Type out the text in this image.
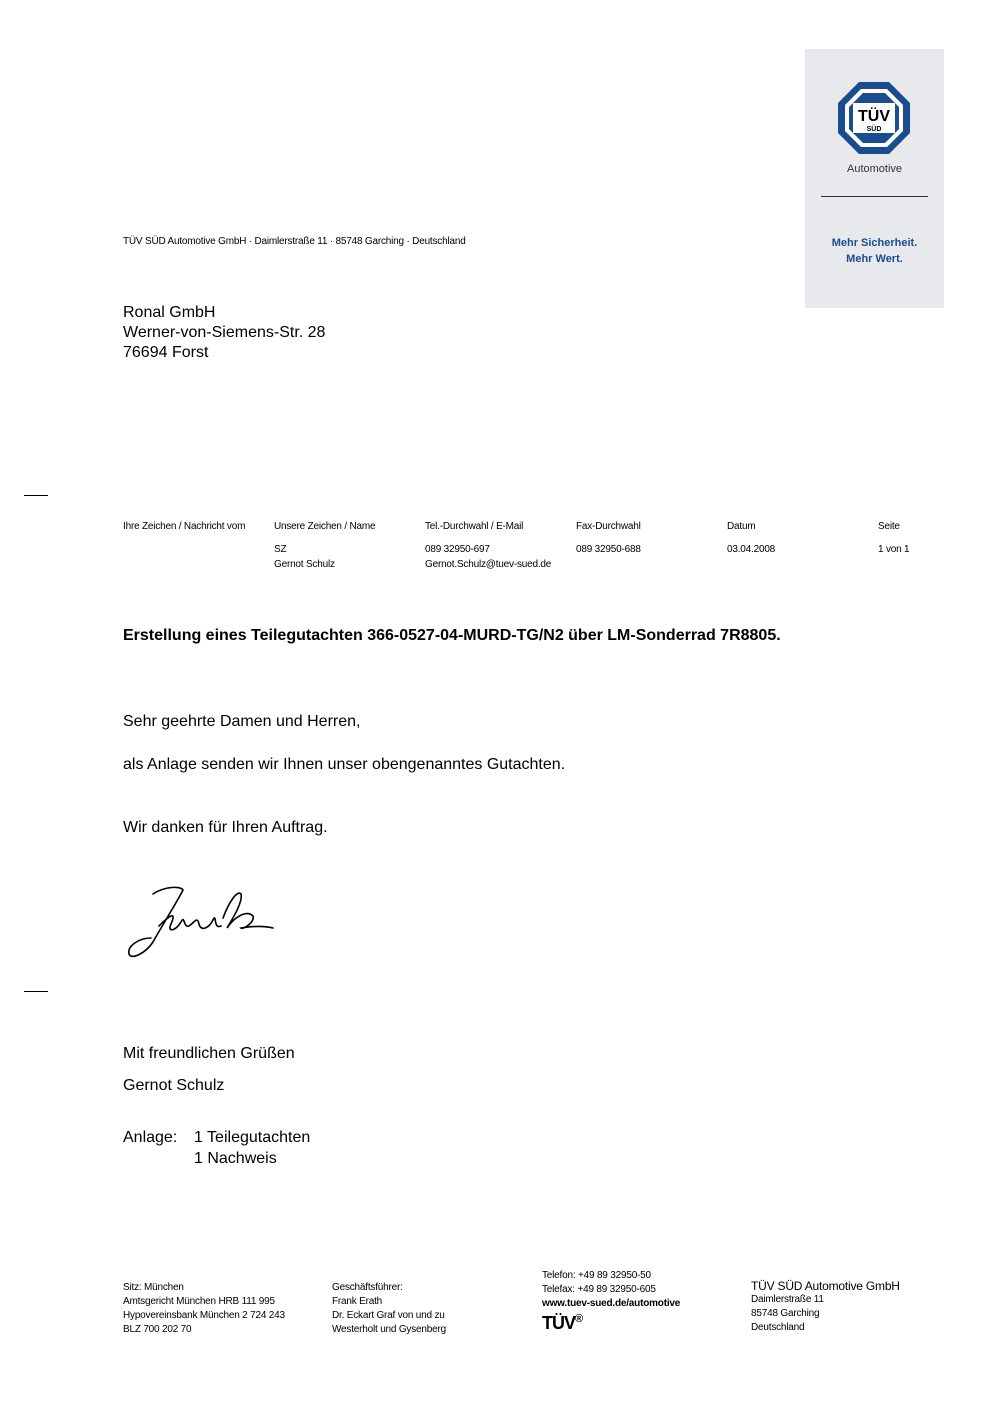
TÜV
SÜD
Automotive
Mehr Sicherheit.
Mehr Wert.
TÜV SÜD Automotive GmbH · Daimlerstraße 11 · 85748 Garching · Deutschland
Ronal GmbH
Werner-von-Siemens-Str. 28
76694 Forst
Ihre Zeichen / Nachricht vom	Unsere Zeichen / Name
SZ
Gernot Schulz
Tel.-Durchwahl / E-Mail
089 32950-697
Gernot.Schulz@tuev-sued.de
Fax-Durchwahl
089 32950-688
Datum
03.04.2008
Seite
1 von 1
Erstellung eines Teilegutachten 366-0527-04-MURD-TG/N2 über LM-Sonderrad 7R8805.
Sehr geehrte Damen und Herren,
als Anlage senden wir Ihnen unser obengenanntes Gutachten.
Wir danken für Ihren Auftrag.
Mit freundlichen Grüßen
Gernot Schulz
Anlage: 1 Teilegutachten
1 Nachweis
Sitz: München
Amtsgericht München HRB 111 995
Hypovereinsbank München 2 724 243
BLZ 700 202 70
Geschäftsführer:
Frank Erath
Dr. Eckart Graf von und zu
Westerholt und Gysenberg
Telefon: +49 89 32950-50
Telefax: +49 89 32950-605
www.tuev-sued.de/automotive
TÜV®
TÜV SÜD Automotive GmbH
Daimlerstraße 11
85748 Garching
Deutschland
